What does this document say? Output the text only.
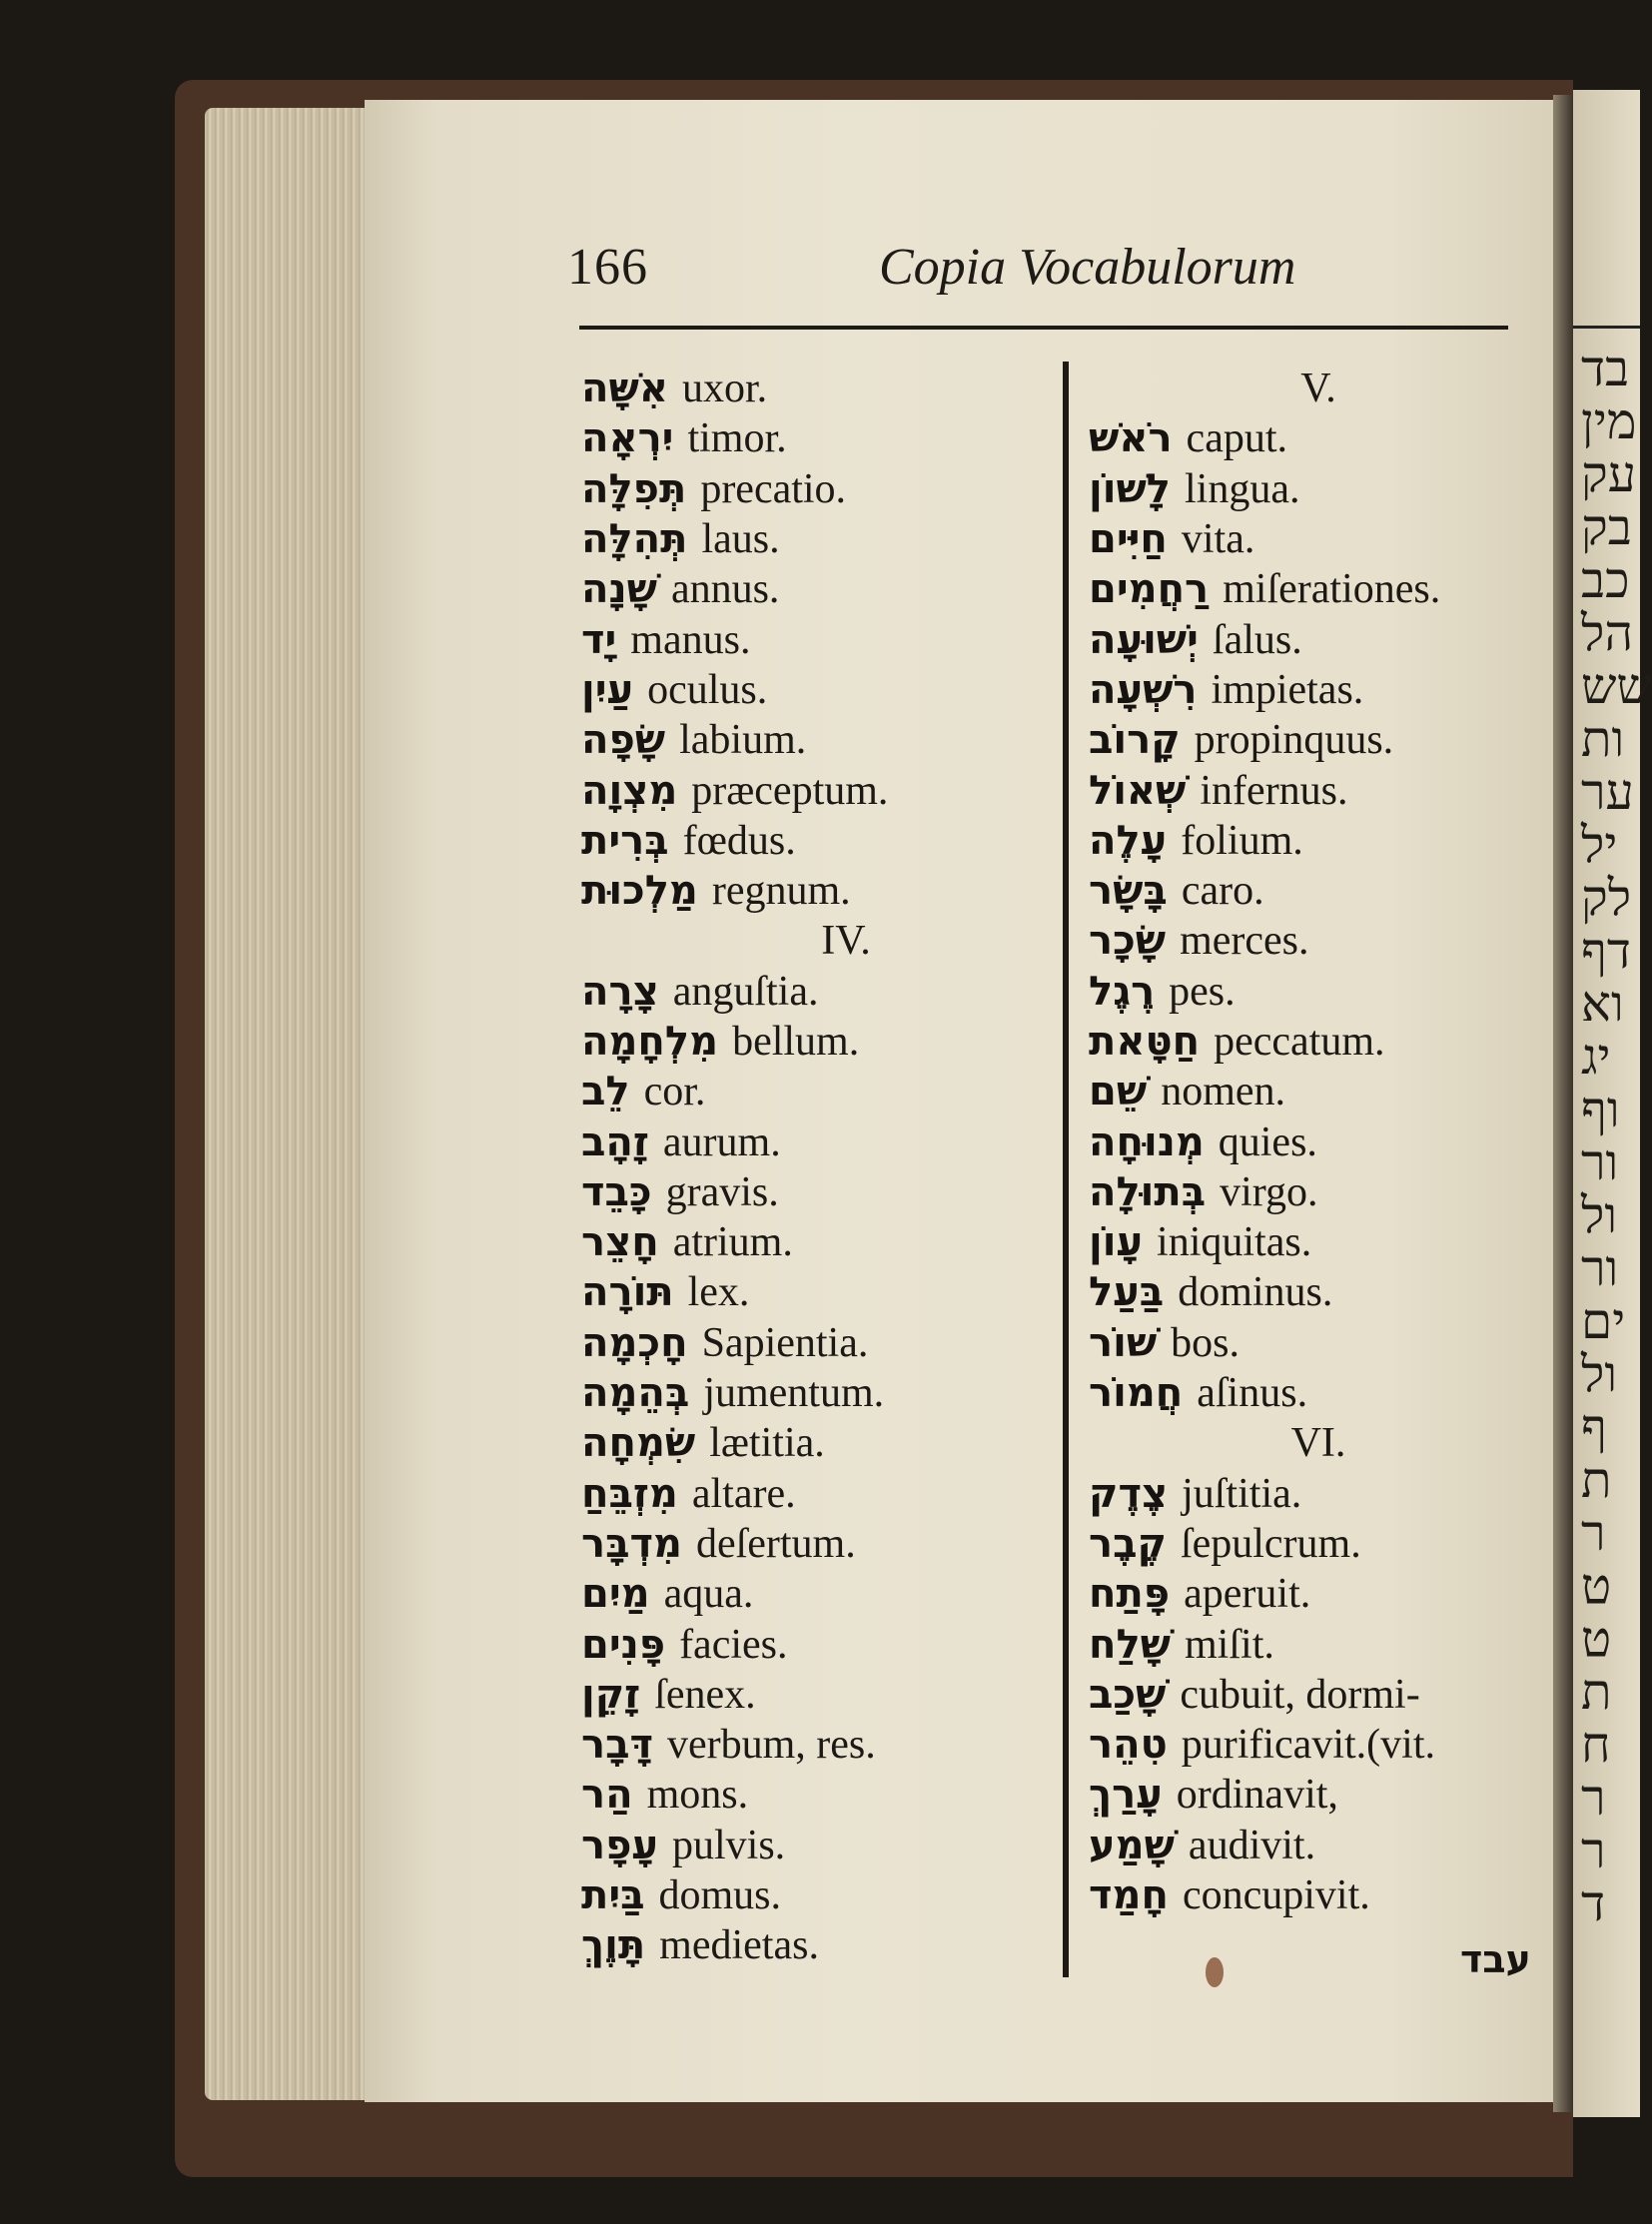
בד
מין
עק
בק
כב
הל
שש
ות
ער
יל
לק
דף
וא
יג
וף
ור
ול
ור
ים
ול
ף
ת
ר
ט
ט
ת
ח
ר
ר
ד
166	Copia Vocabulorum
אִשָּׁה uxor.
יִרְאָה timor.
תְּפִלָּה precatio.
תְּהִלָּה laus.
שָׁנָה annus.
יָד manus.
עַיִן oculus.
שָׂפָה labium.
מִצְוָה præceptum.
בְּרִית fœdus.
מַלְכוּת regnum.
IV.
צָרָה anguſtia.
מִלְחָמָה bellum.
לֵב cor.
זָהָב aurum.
כָּבֵד gravis.
חָצֵר atrium.
תּוֹרָה lex.
חָכְמָה Sapientia.
בְּהֵמָה jumentum.
שִׂמְחָה lætitia.
מִזְבֵּחַ altare.
מִדְבָּר deſertum.
מַיִם aqua.
פָּנִים facies.
זָקֵן ſenex.
דָּבָר verbum, res.
הַר mons.
עָפָר pulvis.
בַּיִת domus.
תָּוֶךְ medietas.
V.
רֹאשׁ caput.
לָשׁוֹן lingua.
חַיִּים vita.
רַחֲמִים miſerationes.
יְשׁוּעָה ſalus.
רִשְׁעָה impietas.
קָרוֹב propinquus.
שְׁאוֹל infernus.
עָלֶה folium.
בָּשָׂר caro.
שָׂכָר merces.
רֶגֶל pes.
חַטָּאת peccatum.
שֵׁם nomen.
מְנוּחָה quies.
בְּתוּלָה virgo.
עָוֹן iniquitas.
בַּעַל dominus.
שׁוֹר bos.
חֲמוֹר aſinus.
VI.
צֶדֶק juſtitia.
קֶבֶר ſepulcrum.
פָּתַח aperuit.
שָׁלַח miſit.
שָׁכַב cubuit, dormi-
טִהֵר purificavit.(vit.
עָרַךְ ordinavit,
שָׁמַע audivit.
חָמַד concupivit.
עבד
